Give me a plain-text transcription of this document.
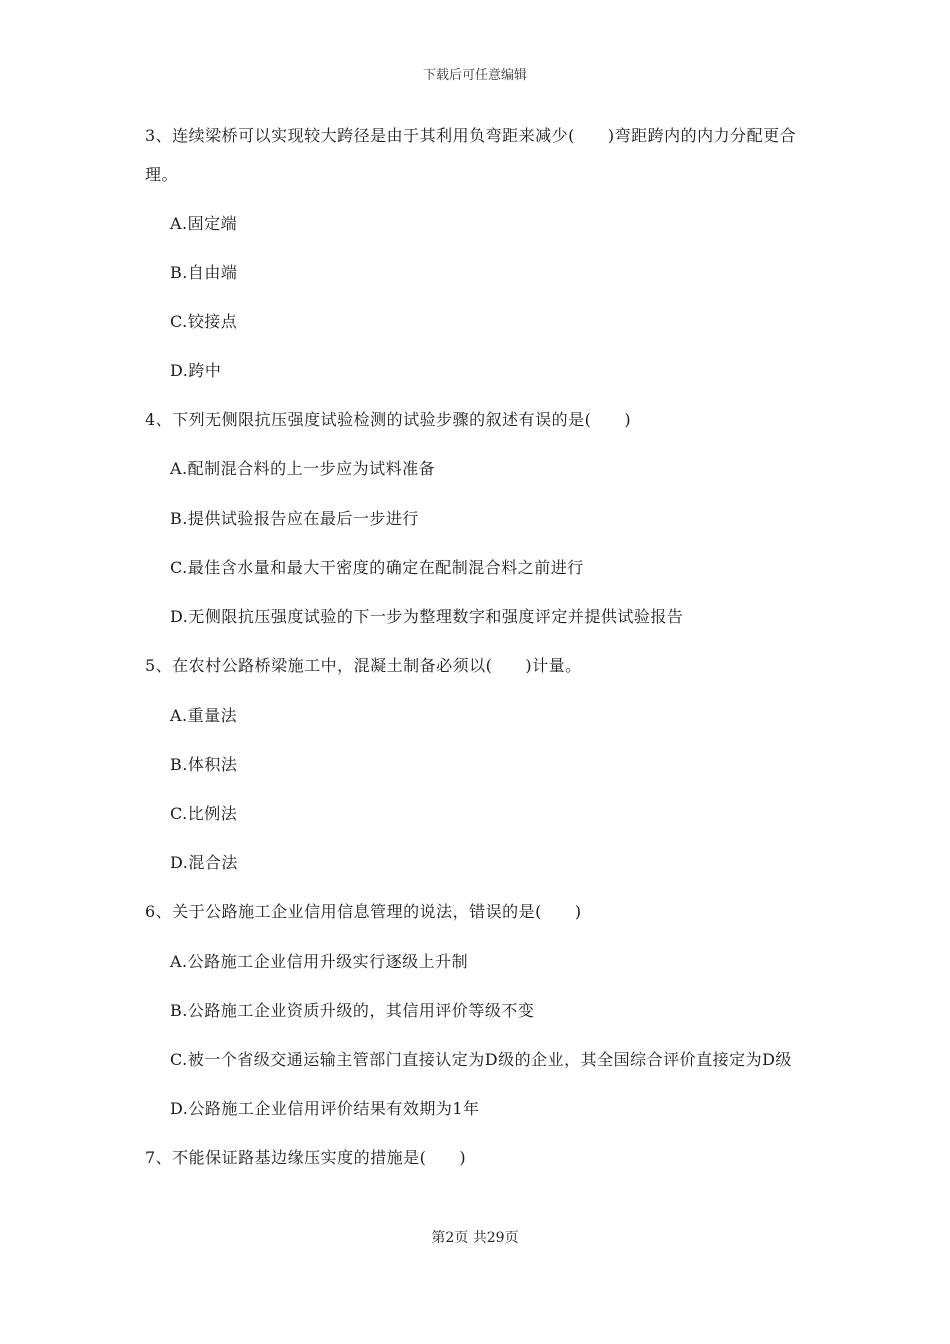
下载后可任意编辑
3、连续梁桥可以实现较大跨径是由于其利用负弯距来减少(　　)弯距跨内的内力分配更合
理。
A.固定端
B.自由端
C.铰接点
D.跨中
4、下列无侧限抗压强度试验检测的试验步骤的叙述有误的是(　　)
A.配制混合料的上一步应为试料准备
B.提供试验报告应在最后一步进行
C.最佳含水量和最大干密度的确定在配制混合料之前进行
D.无侧限抗压强度试验的下一步为整理数字和强度评定并提供试验报告
5、在农村公路桥梁施工中，混凝土制备必须以(　　)计量。
A.重量法
B.体积法
C.比例法
D.混合法
6、关于公路施工企业信用信息管理的说法，错误的是(　　)
A.公路施工企业信用升级实行逐级上升制
B.公路施工企业资质升级的，其信用评价等级不变
C.被一个省级交通运输主管部门直接认定为D级的企业，其全国综合评价直接定为D级
D.公路施工企业信用评价结果有效期为1年
7、不能保证路基边缘压实度的措施是(　　)
第2页 共29页
